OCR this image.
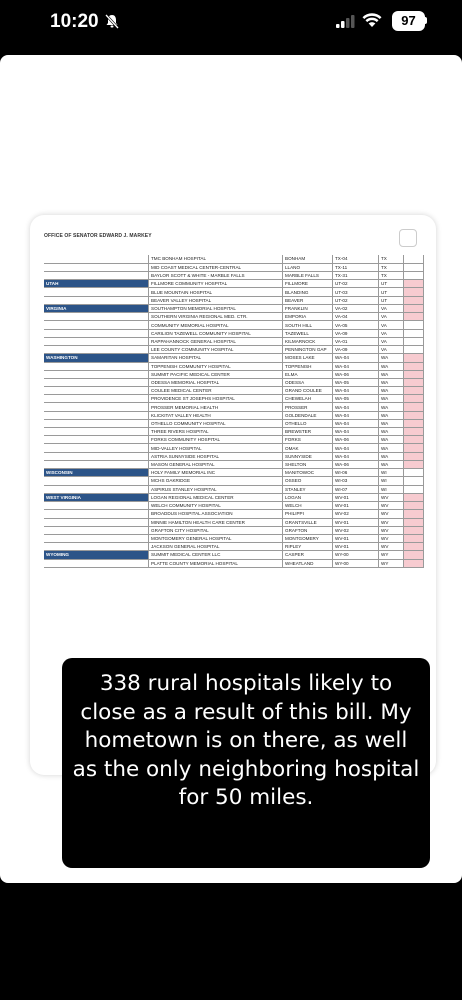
10:20	97
OFFICE OF SENATOR EDWARD J. MARKEY
	TMC BONHAM HOSPITAL	BONHAM	TX-04	TX	
	MID COAST MEDICAL CENTER-CENTRAL	LLANO	TX-11	TX	
	BAYLOR SCOTT & WHITE - MARBLE FALLS	MARBLE FALLS	TX-31	TX	

UTAH	FILLMORE COMMUNITY HOSPITAL	FILLMORE	UT-02	UT	
	BLUE MOUNTAIN HOSPITAL	BLANDING	UT-03	UT	
	BEAVER VALLEY HOSPITAL	BEAVER	UT-02	UT	

VIRGINIA	SOUTHAMPTON MEMORIAL HOSPITAL	FRANKLIN	VA-02	VA	
	SOUTHERN VIRGINIA REGIONAL MED. CTR.	EMPORIA	VA-04	VA	
	COMMUNITY MEMORIAL HOSPITAL	SOUTH HILL	VA-05	VA	
	CARILION TAZEWELL COMMUNITY HOSPITAL	TAZEWELL	VA-09	VA	
	RAPPAHANNOCK GENERAL HOSPITAL	KILMARNOCK	VA-01	VA	
	LEE COUNTY COMMUNITY HOSPITAL	PENNINGTON GAP	VA-09	VA	

WASHINGTON	SAMARITAN HOSPITAL	MOSES LAKE	WA-04	WA	
	TOPPENISH COMMUNITY HOSPITAL	TOPPENISH	WA-04	WA	
	SUMMIT PACIFIC MEDICAL CENTER	ELMA	WA-06	WA	
	ODESSA MEMORIAL HOSPITAL	ODESSA	WA-05	WA	
	COULEE MEDICAL CENTER	GRAND COULEE	WA-04	WA	
	PROVIDENCE ST JOSEPHS HOSPITAL	CHEWELAH	WA-05	WA	
	PROSSER MEMORIAL HEALTH	PROSSER	WA-04	WA	
	KLICKITAT VALLEY HEALTH	GOLDENDALE	WA-04	WA	
	OTHELLO COMMUNITY HOSPITAL	OTHELLO	WA-04	WA	
	THREE RIVERS HOSPITAL	BREWSTER	WA-04	WA	
	FORKS COMMUNITY HOSPITAL	FORKS	WA-06	WA	
	MID-VALLEY HOSPITAL	OMAK	WA-04	WA	
	ASTRIA SUNNYSIDE HOSPITAL	SUNNYSIDE	WA-04	WA	
	MASON GENERAL HOSPITAL	SHELTON	WA-06	WA	

WISCONSIN	HOLY FAMILY MEMORIAL INC	MANITOWOC	WI-06	WI	
	MCHS OAKRIDGE	OSSEO	WI-03	WI	
	ASPIRUS STANLEY HOSPITAL	STANLEY	WI-07	WI	

WEST VIRGINIA	LOGAN REGIONAL MEDICAL CENTER	LOGAN	WV-01	WV	
	WELCH COMMUNITY HOSPITAL	WELCH	WV-01	WV	
	BROADDUS HOSPITAL ASSOCIATION	PHILIPPI	WV-02	WV	
	MINNIE HAMILTON HEALTH CARE CENTER	GRANTSVILLE	WV-01	WV	
	GRAFTON CITY HOSPITAL	GRAFTON	WV-02	WV	
	MONTGOMERY GENERAL HOSPITAL	MONTGOMERY	WV-01	WV	
	JACKSON GENERAL HOSPITAL	RIPLEY	WV-01	WV	

WYOMING	SUMMIT MEDICAL CENTER LLC	CASPER	WY-00	WY	
	PLATTE COUNTY MEMORIAL HOSPITAL	WHEATLAND	WY-00	WY	
338 rural hospitals likely to close as a result of this bill. My hometown is on there, as well as the only neighboring hospital for 50 miles.
